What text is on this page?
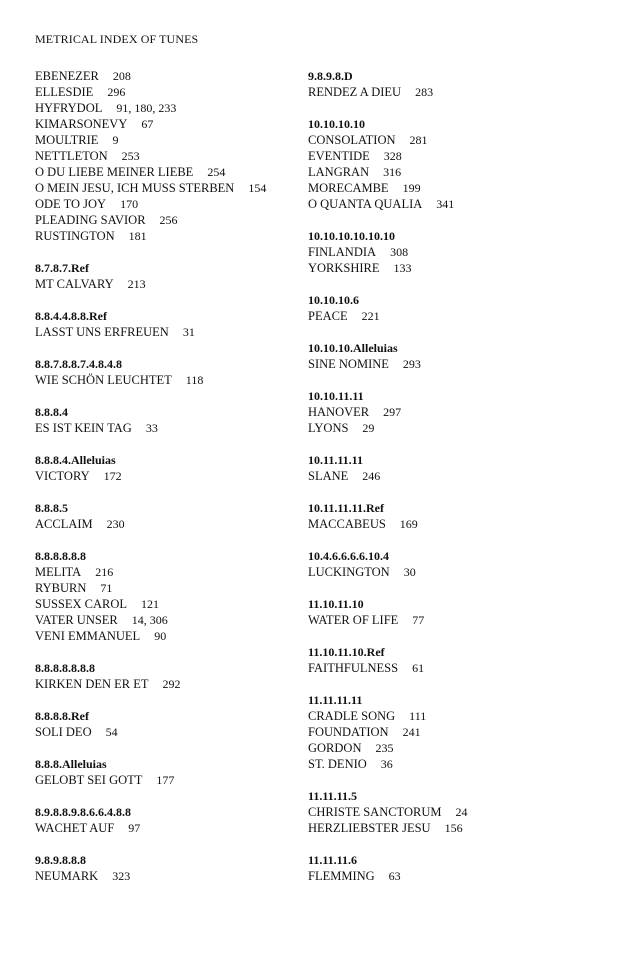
METRICAL INDEX OF TUNES
EBENEZER 208
ELLESDIE 296
HYFRYDOL 91, 180, 233
KIMARSONEVY 67
MOULTRIE 9
NETTLETON 253
O DU LIEBE MEINER LIEBE 254
O MEIN JESU, ICH MUSS STERBEN 154
ODE TO JOY 170
PLEADING SAVIOR 256
RUSTINGTON 181
8.7.8.7.Ref
MT CALVARY 213
8.8.4.4.8.8.Ref
LASST UNS ERFREUEN 31
8.8.7.8.8.7.4.8.4.8
WIE SCHÖN LEUCHTET 118
8.8.8.4
ES IST KEIN TAG 33
8.8.8.4.Alleluias
VICTORY 172
8.8.8.5
ACCLAIM 230
8.8.8.8.8.8
MELITA 216
RYBURN 71
SUSSEX CAROL 121
VATER UNSER 14, 306
VENI EMMANUEL 90
8.8.8.8.8.8.8
KIRKEN DEN ER ET 292
8.8.8.8.Ref
SOLI DEO 54
8.8.8.Alleluias
GELOBT SEI GOTT 177
8.9.8.8.9.8.6.6.4.8.8
WACHET AUF 97
9.8.9.8.8.8
NEUMARK 323
9.8.9.8.D
RENDEZ A DIEU 283
10.10.10.10
CONSOLATION 281
EVENTIDE 328
LANGRAN 316
MORECAMBE 199
O QUANTA QUALIA 341
10.10.10.10.10.10
FINLANDIA 308
YORKSHIRE 133
10.10.10.6
PEACE 221
10.10.10.Alleluias
SINE NOMINE 293
10.10.11.11
HANOVER 297
LYONS 29
10.11.11.11
SLANE 246
10.11.11.11.Ref
MACCABEUS 169
10.4.6.6.6.6.10.4
LUCKINGTON 30
11.10.11.10
WATER OF LIFE 77
11.10.11.10.Ref
FAITHFULNESS 61
11.11.11.11
CRADLE SONG 111
FOUNDATION 241
GORDON 235
ST. DENIO 36
11.11.11.5
CHRISTE SANCTORUM 24
HERZLIEBSTER JESU 156
11.11.11.6
FLEMMING 63
